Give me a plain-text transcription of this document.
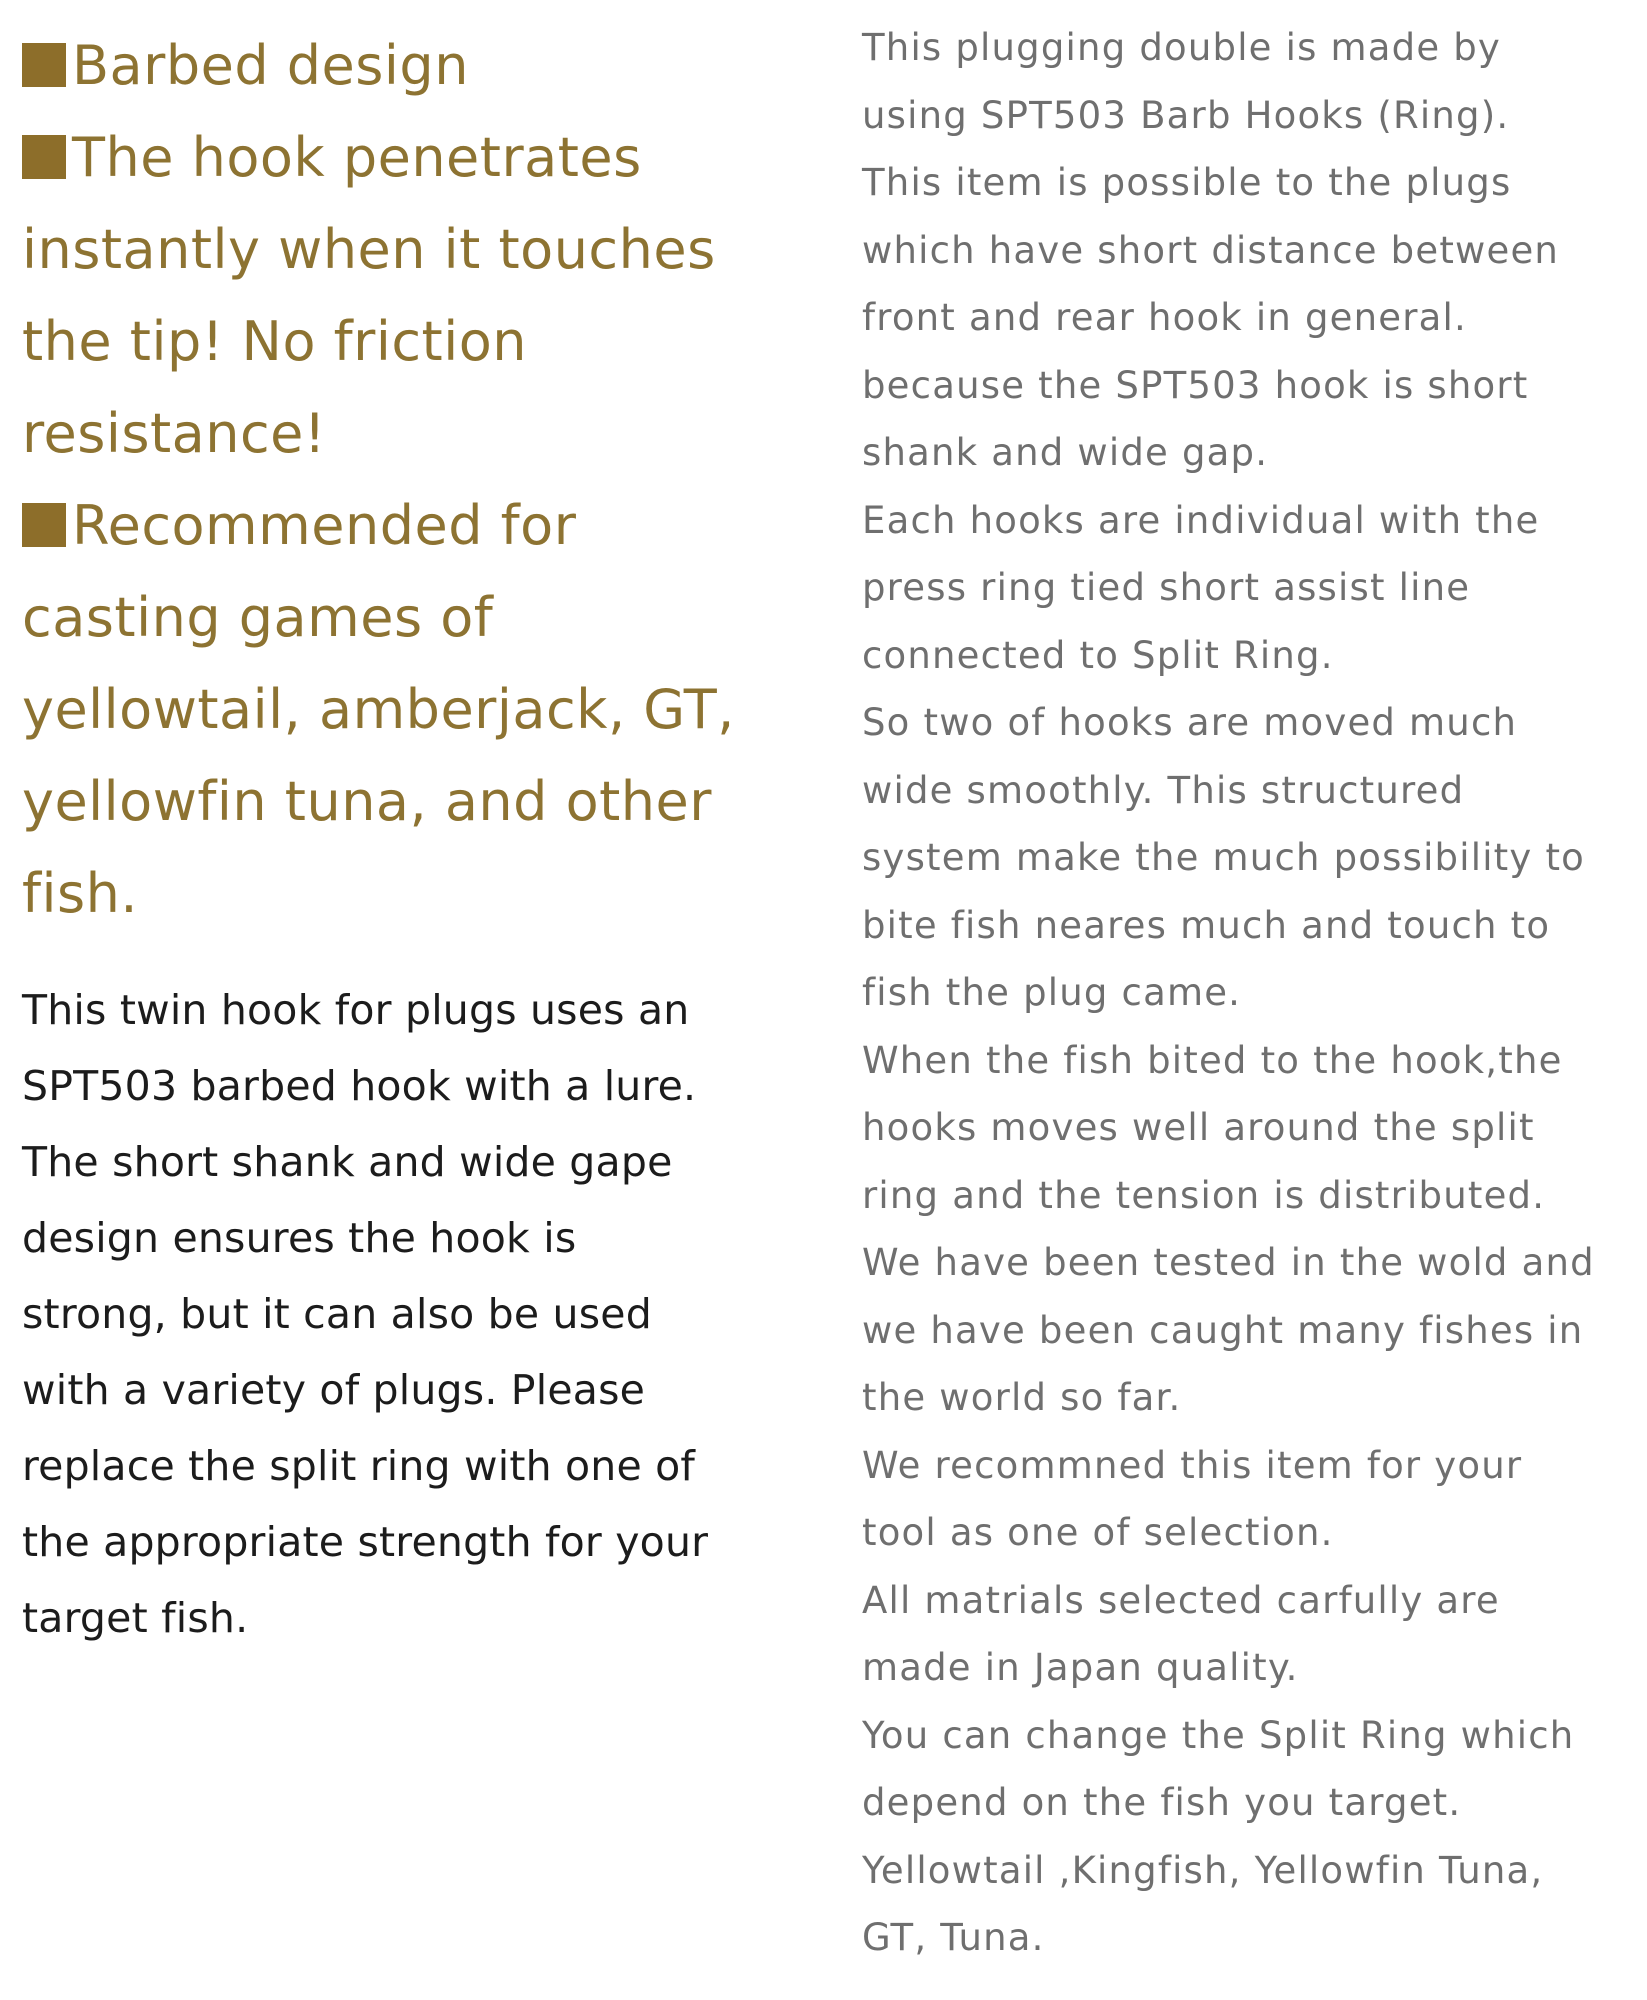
Barbed design
The hook penetrates
instantly when it touches
the tip! No friction
resistance!
Recommended for
casting games of
yellowtail, amberjack, GT,
yellowfin tuna, and other
fish.
This twin hook for plugs uses an
SPT503 barbed hook with a lure.
The short shank and wide gape
design ensures the hook is
strong, but it can also be used
with a variety of plugs. Please
replace the split ring with one of
the appropriate strength for your
target fish.
This plugging double is made by
using SPT503 Barb Hooks (Ring).
This item is possible to the plugs
which have short distance between
front and rear hook in general.
because the SPT503 hook is short
shank and wide gap.
Each hooks are individual with the
press ring tied short assist line
connected to Split Ring.
So two of hooks are moved much
wide smoothly. This structured
system make the much possibility to
bite fish neares much and touch to
fish the plug came.
When the fish bited to the hook,the
hooks moves well around the split
ring and the tension is distributed.
We have been tested in the wold and
we have been caught many fishes in
the world so far.
We recommned this item for your
tool as one of selection.
All matrials selected carfully are
made in Japan quality.
You can change the Split Ring which
depend on the fish you target.
Yellowtail ,Kingfish, Yellowfin Tuna,
GT, Tuna.
